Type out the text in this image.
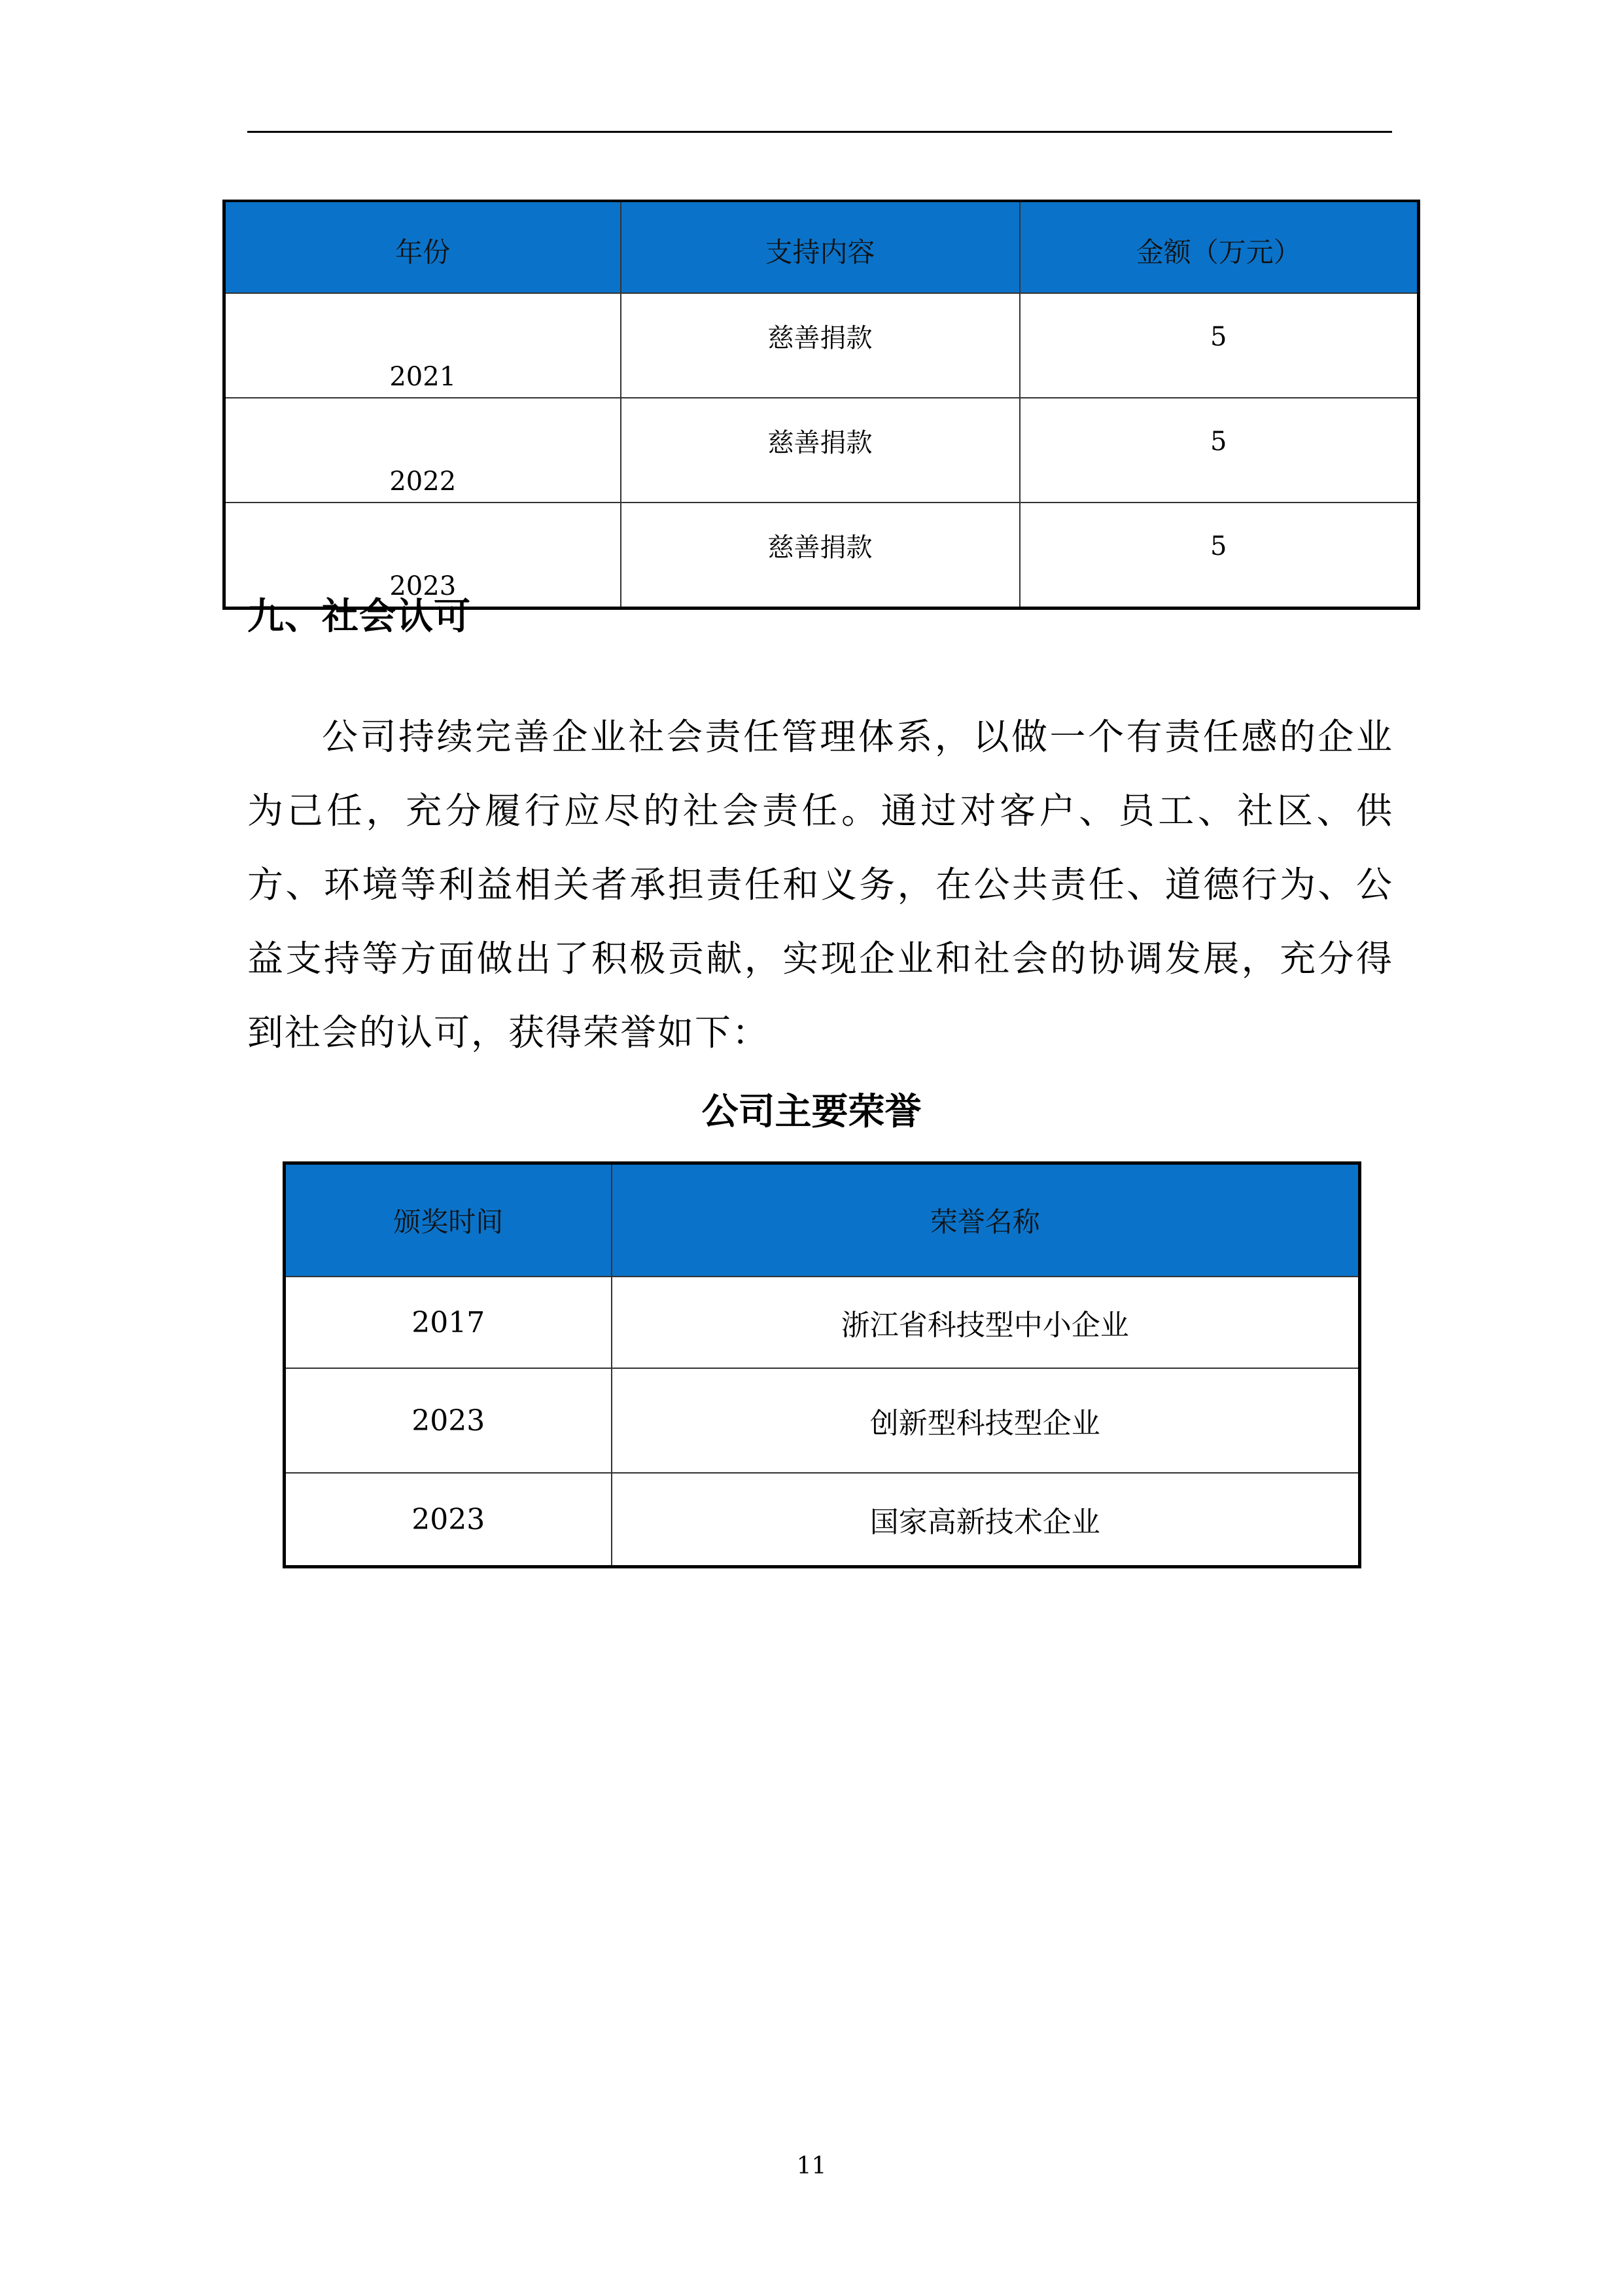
年份	支持内容	金额（万元）
2021	慈善捐款	5
2022	慈善捐款	5
2023	慈善捐款	5
九、社会认可

公司持续完善企业社会责任管理体系，以做一个有责任感的企业为己任，充分履行应尽的社会责任。通过对客户、员工、社区、供方、环境等利益相关者承担责任和义务，在公共责任、道德行为、公益支持等方面做出了积极贡献，实现企业和社会的协调发展，充分得到社会的认可，获得荣誉如下：

公司主要荣誉
颁奖时间	荣誉名称
2017	浙江省科技型中小企业
2023	创新型科技型企业
2023	国家高新技术企业
11
